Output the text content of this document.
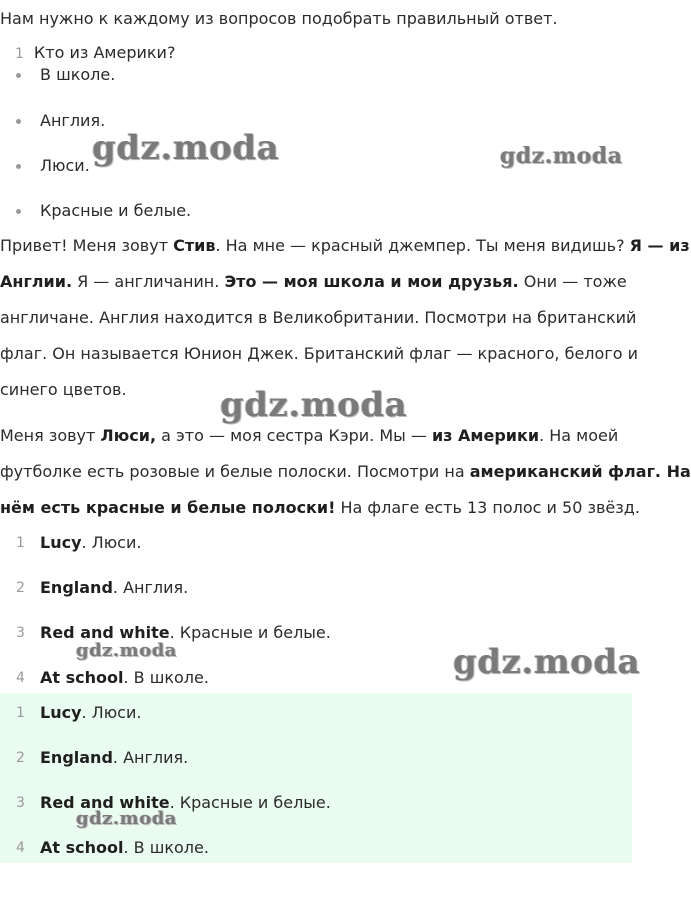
Нам нужно к каждому из вопросов подобрать правильный ответ.
1 Кто из Америки?
В школе.
Англия.
Люси.
Красные и белые.

Привет! Меня зовут Стив. На мне — красный джемпер. Ты меня видишь? Я — из

Англии. Я — англичанин. Это — моя школа и мои друзья. Они — тоже

англичане. Англия находится в Великобритании. Посмотри на британский

флаг. Он называется Юнион Джек. Британский флаг — красного, белого и

синего цветов.

Меня зовут Люси, а это — моя сестра Кэри. Мы — из Америки. На моей

футболке есть розовые и белые полоски. Посмотри на американский флаг. На

нём есть красные и белые полоски! На флаге есть 13 полос и 50 звёзд.

1 Lucy. Люси.
2 England. Англия.
3 Red and white. Красные и белые.
4 At school. В школе.
1 Lucy. Люси.
2 England. Англия.
3 Red and white. Красные и белые.
4 At school. В школе.
gdz.moda	gdz.moda
gdz.moda
gdz.moda	gdz.moda
gdz.moda
